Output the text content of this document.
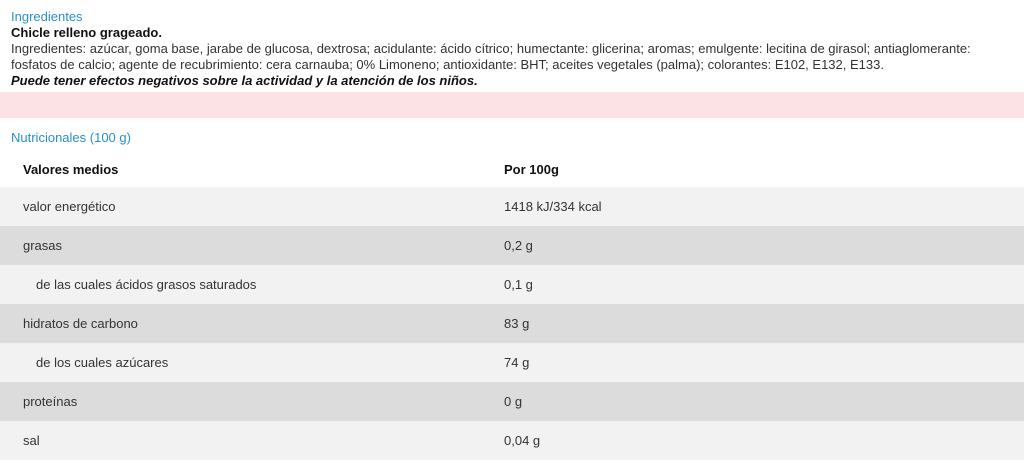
Ingredientes
Chicle relleno grageado.
Ingredientes: azúcar, goma base, jarabe de glucosa, dextrosa; acidulante: ácido cítrico; humectante: glicerina; aromas; emulgente: lecitina de girasol; antiaglomerante: fosfatos de calcio; agente de recubrimiento: cera carnauba; 0% Limoneno; antioxidante: BHT; aceites vegetales (palma); colorantes: E102, E132, E133.
Puede tener efectos negativos sobre la actividad y la atención de los niños.
Nutricionales (100 g)
Valores medios	Por 100g
valor energético	1418 kJ/334 kcal
grasas	0,2 g
de las cuales ácidos grasos saturados	0,1 g
hidratos de carbono	83 g
de los cuales azúcares	74 g
proteínas	0 g
sal	0,04 g
